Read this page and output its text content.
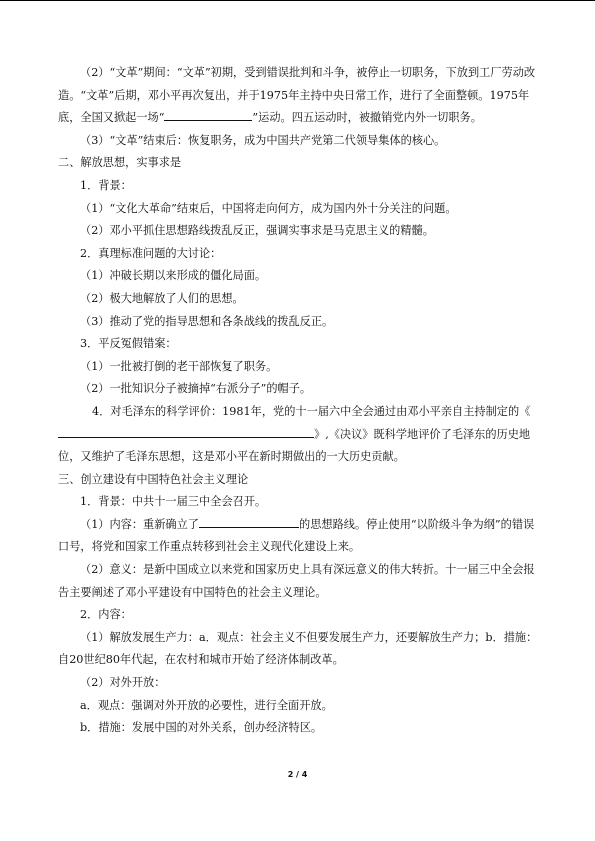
（2）“文革”期间：“文革”初期，受到错误批判和斗争，被停止一切职务，下放到工厂劳动改造。“文革”后期，邓小平再次复出，并于1975年主持中央日常工作，进行了全面整顿。1975年底，全国又掀起一场“	”运动。四五运动时，被撤销党内外一切职务。

（3）“文革”结束后：恢复职务，成为中国共产党第二代领导集体的核心。

二、解放思想，实事求是

1．背景：

（1）“文化大革命”结束后，中国将走向何方，成为国内外十分关注的问题。

（2）邓小平抓住思想路线拨乱反正，强调实事求是马克思主义的精髓。

2．真理标准问题的大讨论：

（1）冲破长期以来形成的僵化局面。

（2）极大地解放了人们的思想。

（3）推动了党的指导思想和各条战线的拨乱反正。

3．平反冤假错案：

（1）一批被打倒的老干部恢复了职务。

（2）一批知识分子被摘掉“右派分子”的帽子。

4．对毛泽东的科学评价：1981年，党的十一届六中全会通过由邓小平亲自主持制定的《》,《决议》既科学地评价了毛泽东的历史地位，又维护了毛泽东思想，这是邓小平在新时期做出的一大历史贡献。

三、创立建设有中国特色社会主义理论

1．背景：中共十一届三中全会召开。

（1）内容：重新确立了	的思想路线。停止使用“以阶级斗争为纲”的错误口号，将党和国家工作重点转移到社会主义现代化建设上来。

（2）意义：是新中国成立以来党和国家历史上具有深远意义的伟大转折。十一届三中全会报告主要阐述了邓小平建设有中国特色的社会主义理论。

2．内容：

（1）解放发展生产力：a．观点：社会主义不但要发展生产力，还要解放生产力；b．措施：自20世纪80年代起，在农村和城市开始了经济体制改革。

（2）对外开放：

a．观点：强调对外开放的必要性，进行全面开放。

b．措施：发展中国的对外关系，创办经济特区。

2 / 4
